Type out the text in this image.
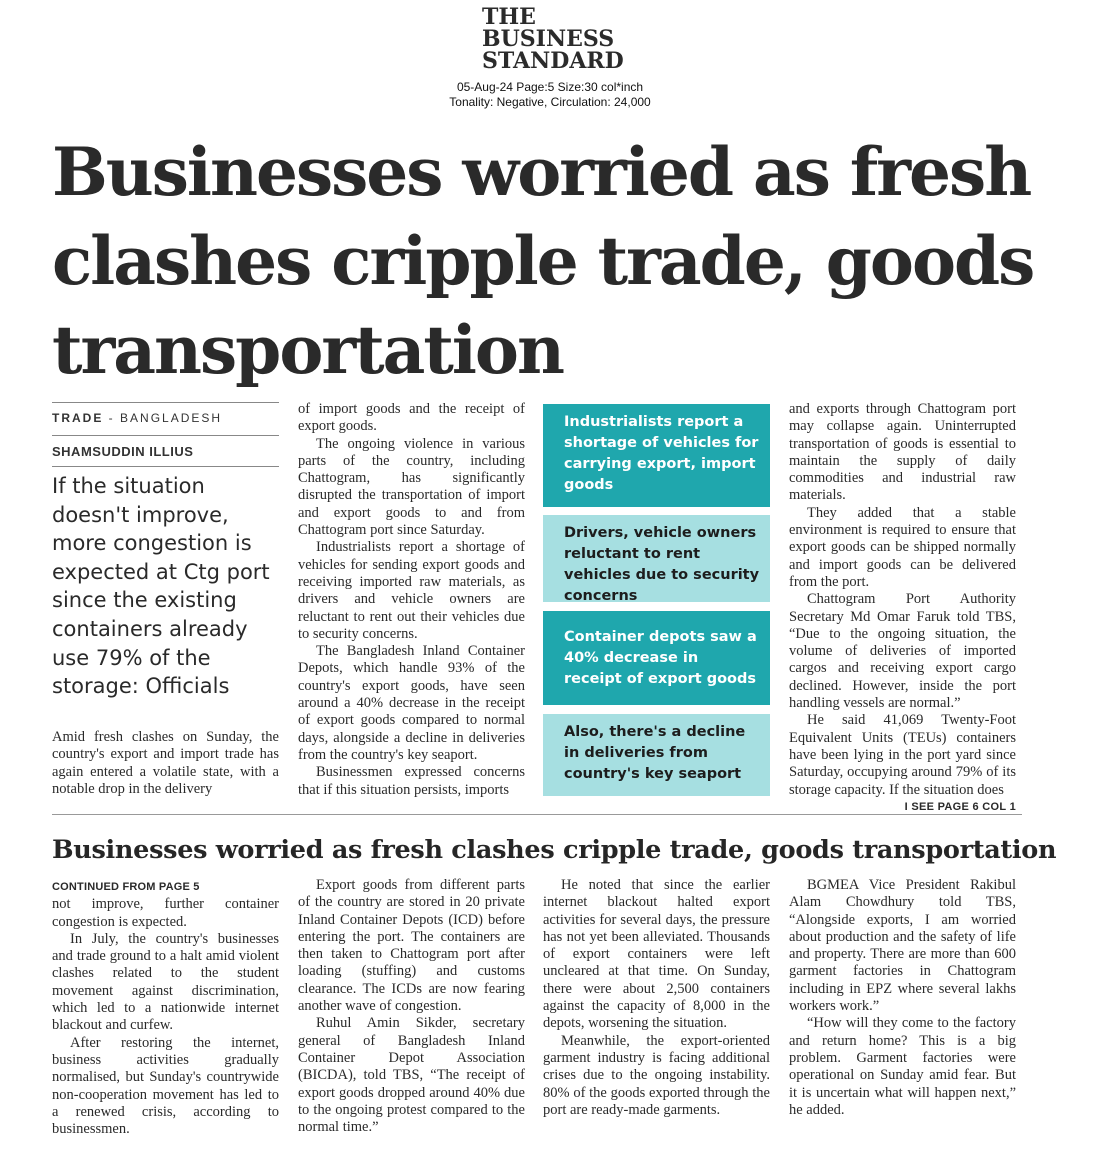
THE
BUSINESS
STANDARD
05-Aug-24 Page:5 Size:30 col*inch
Tonality: Negative, Circulation: 24,000
Businesses worried as fresh clashes cripple trade, goods transportation
TRADE - BANGLADESH
SHAMSUDDIN ILLIUS
If the situation doesn't improve, more congestion is expected at Ctg port since the existing containers already use 79% of the storage: Officials

Amid fresh clashes on Sunday, the country's export and import trade has again entered a volatile state, with a notable drop in the delivery

of import goods and the receipt of export goods.

The ongoing violence in various parts of the country, including Chattogram, has significantly disrupted the transportation of import and export goods to and from Chattogram port since Saturday.

Industrialists report a shortage of vehicles for sending export goods and receiving imported raw materials, as drivers and vehicle owners are reluctant to rent out their vehicles due to security concerns.

The Bangladesh Inland Container Depots, which handle 93% of the country's export goods, have seen around a 40% decrease in the receipt of export goods compared to normal days, alongside a decline in deliveries from the country's key seaport.

Businessmen expressed concerns that if this situation persists, imports

Industrialists report a shortage of vehicles for carrying export, import goods
Drivers, vehicle owners reluctant to rent vehicles due to security concerns
Container depots saw a 40% decrease in receipt of export goods
Also, there's a decline in deliveries from country's key seaport

and exports through Chattogram port may collapse again. Uninterrupted transportation of goods is essential to maintain the supply of daily commodities and industrial raw materials.

They added that a stable environment is required to ensure that export goods can be shipped normally and import goods can be delivered from the port.

Chattogram Port Authority Secretary Md Omar Faruk told TBS, “Due to the ongoing situation, the volume of deliveries of imported cargos and receiving export cargo declined. However, inside the port handling vessels are normal.”

He said 41,069 Twenty-Foot Equivalent Units (TEUs) containers have been lying in the port yard since Saturday, occupying around 79% of its storage capacity. If the situation does
I SEE PAGE 6 COL 1

Businesses worried as fresh clashes cripple trade, goods transportation

CONTINUED FROM PAGE 5

not improve, further container congestion is expected.

In July, the country's businesses and trade ground to a halt amid violent clashes related to the student movement against discrimination, which led to a nationwide internet blackout and curfew.

After restoring the internet, business activities gradually normalised, but Sunday's countrywide non-cooperation movement has led to a renewed crisis, according to businessmen.

Export goods from different parts of the country are stored in 20 private Inland Container Depots (ICD) before entering the port. The containers are then taken to Chattogram port after loading (stuffing) and customs clearance. The ICDs are now fearing another wave of congestion.

Ruhul Amin Sikder, secretary general of Bangladesh Inland Container Depot Association (BICDA), told TBS, “The receipt of export goods dropped around 40% due to the ongoing protest compared to the normal time.”

He noted that since the earlier internet blackout halted export activities for several days, the pressure has not yet been alleviated. Thousands of export containers were left uncleared at that time. On Sunday, there were about 2,500 containers against the capacity of 8,000 in the depots, worsening the situation.

Meanwhile, the export-oriented garment industry is facing additional crises due to the ongoing instability. 80% of the goods exported through the port are ready-made garments.

BGMEA Vice President Rakibul Alam Chowdhury told TBS, “Alongside exports, I am worried about production and the safety of life and property. There are more than 600 garment factories in Chattogram including in EPZ where several lakhs workers work.”

“How will they come to the factory and return home? This is a big problem. Garment factories were operational on Sunday amid fear. But it is uncertain what will happen next,” he added.
